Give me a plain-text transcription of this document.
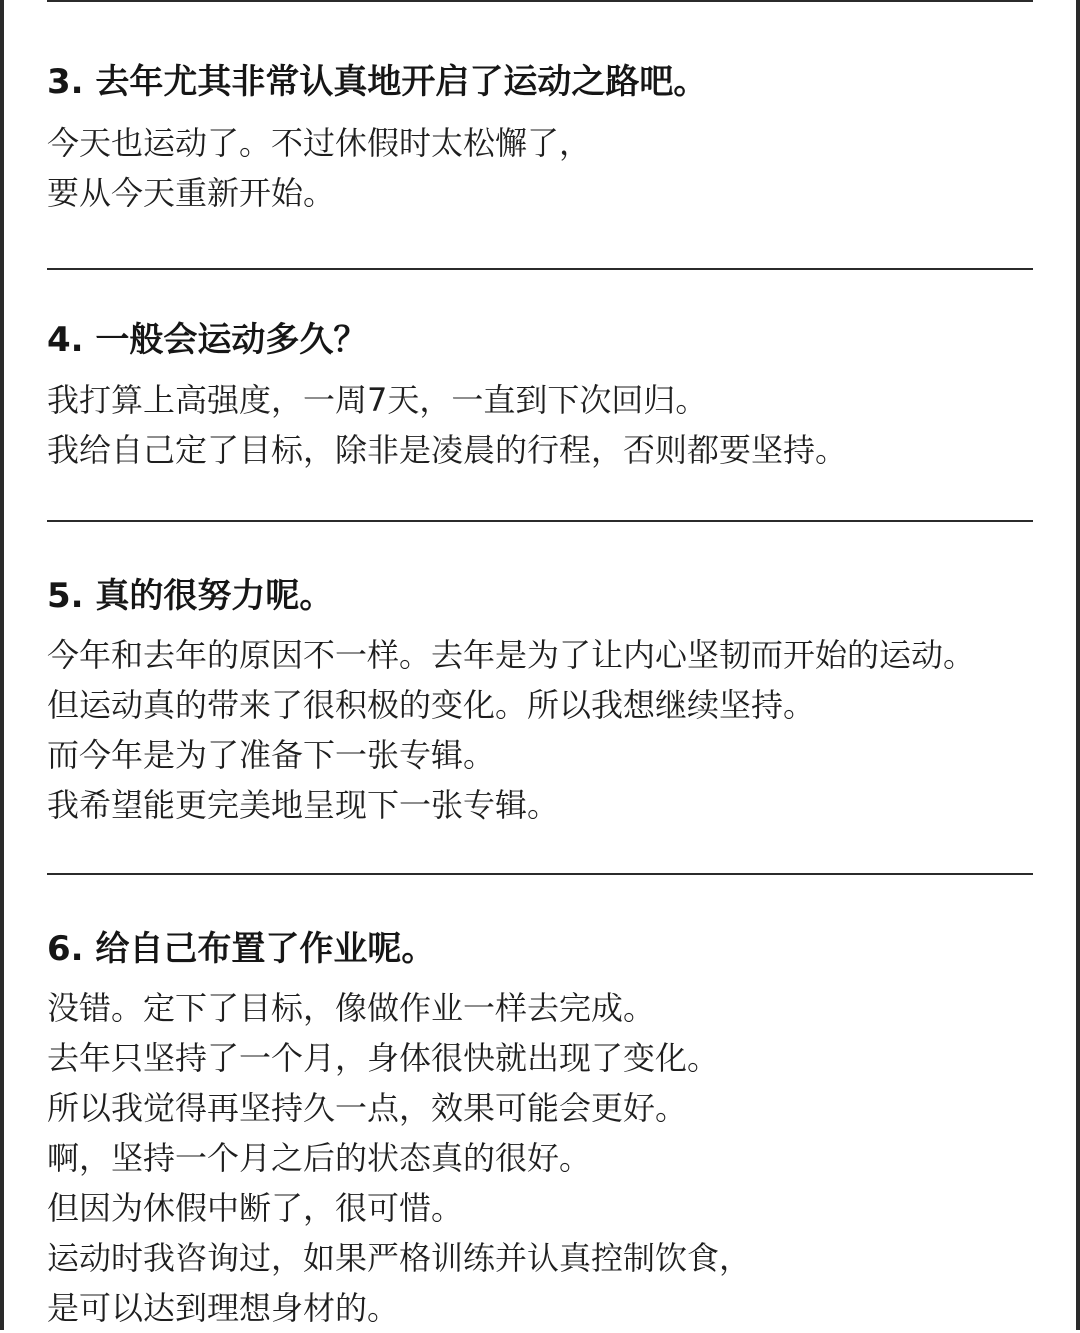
3. 去年尤其非常认真地开启了运动之路吧。
今天也运动了。不过休假时太松懈了，
要从今天重新开始。
4. 一般会运动多久？
我打算上高强度，一周7天，一直到下次回归。
我给自己定了目标，除非是凌晨的行程，否则都要坚持。
5. 真的很努力呢。
今年和去年的原因不一样。去年是为了让内心坚韧而开始的运动。
但运动真的带来了很积极的变化。所以我想继续坚持。
而今年是为了准备下一张专辑。
我希望能更完美地呈现下一张专辑。
6. 给自己布置了作业呢。
没错。定下了目标，像做作业一样去完成。
去年只坚持了一个月，身体很快就出现了变化。
所以我觉得再坚持久一点，效果可能会更好。
啊，坚持一个月之后的状态真的很好。
但因为休假中断了，很可惜。
运动时我咨询过，如果严格训练并认真控制饮食，
是可以达到理想身材的。
